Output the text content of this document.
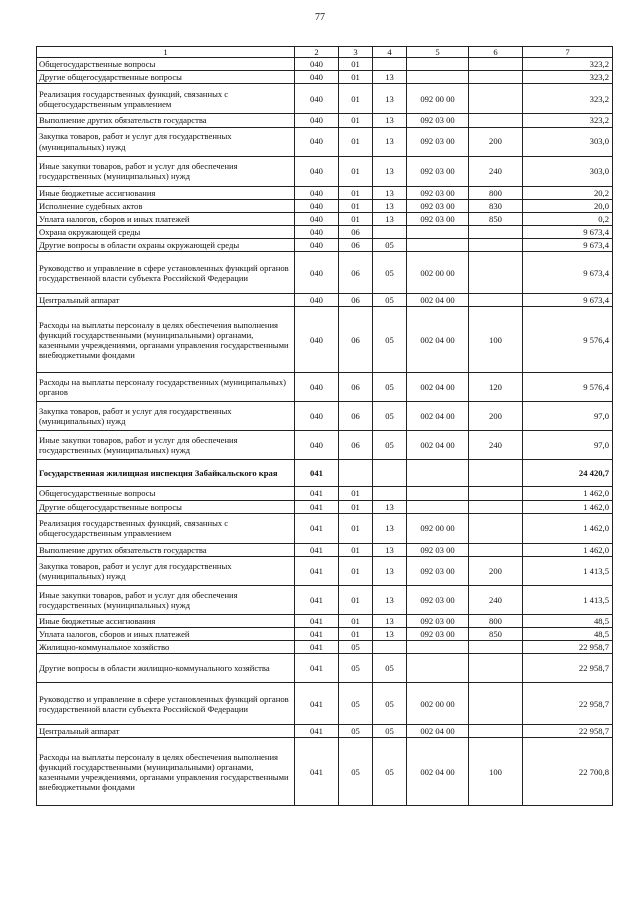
77
1	2	3	4	5	6	7
Общегосударственные вопросы	040	01				323,2
Другие общегосударственные вопросы	040	01	13			323,2
Реализация государственных функций, связанных с общегосударственным управлением	040	01	13	092 00 00		323,2
Выполнение других обязательств государства	040	01	13	092 03 00		323,2
Закупка товаров, работ и услуг для государственных (муниципальных) нужд	040	01	13	092 03 00	200	303,0
Иные закупки товаров, работ и услуг для обеспечения государственных (муниципальных) нужд	040	01	13	092 03 00	240	303,0
Иные бюджетные ассигнования	040	01	13	092 03 00	800	20,2
Исполнение судебных актов	040	01	13	092 03 00	830	20,0
Уплата налогов, сборов и иных платежей	040	01	13	092 03 00	850	0,2
Охрана окружающей среды	040	06				9 673,4
Другие вопросы в области охраны окружающей среды	040	06	05			9 673,4
Руководство и управление в сфере установленных функций органов государственной власти субъекта Российской Федерации	040	06	05	002 00 00		9 673,4
Центральный аппарат	040	06	05	002 04 00		9 673,4
Расходы на выплаты персоналу в целях обеспечения выполнения функций государственными (муниципальными) органами, казенными учреждениями, органами управления государственными внебюджетными фондами	040	06	05	002 04 00	100	9 576,4
Расходы на выплаты персоналу государственных (муниципальных) органов	040	06	05	002 04 00	120	9 576,4
Закупка товаров, работ и услуг для государственных (муниципальных) нужд	040	06	05	002 04 00	200	97,0
Иные закупки товаров, работ и услуг для обеспечения государственных (муниципальных) нужд	040	06	05	002 04 00	240	97,0
Государственная жилищная инспекция Забайкальского края	041					24 420,7
Общегосударственные вопросы	041	01				1 462,0
Другие общегосударственные вопросы	041	01	13			1 462,0
Реализация государственных функций, связанных с общегосударственным управлением	041	01	13	092 00 00		1 462,0
Выполнение других обязательств государства	041	01	13	092 03 00		1 462,0
Закупка товаров, работ и услуг для государственных (муниципальных) нужд	041	01	13	092 03 00	200	1 413,5
Иные закупки товаров, работ и услуг для обеспечения государственных (муниципальных) нужд	041	01	13	092 03 00	240	1 413,5
Иные бюджетные ассигнования	041	01	13	092 03 00	800	48,5
Уплата налогов, сборов и иных платежей	041	01	13	092 03 00	850	48,5
Жилищно-коммунальное хозяйство	041	05				22 958,7
Другие вопросы в области жилищно-коммунального хозяйства	041	05	05			22 958,7
Руководство и управление в сфере установленных функций органов государственной власти субъекта Российской Федерации	041	05	05	002 00 00		22 958,7
Центральный аппарат	041	05	05	002 04 00		22 958,7
Расходы на выплаты персоналу в целях обеспечения выполнения функций государственными (муниципальными) органами, казенными учреждениями, органами управления государственными внебюджетными фондами	041	05	05	002 04 00	100	22 700,8
